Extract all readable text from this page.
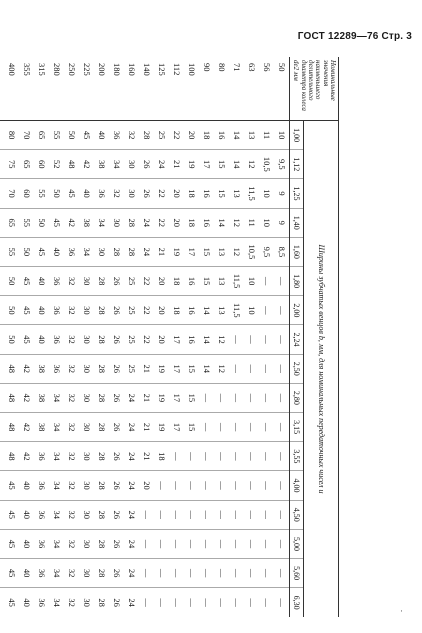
ГОСТ 12289—76 Стр. 3
Номинальные значения наименьшего делительного диаметра колеса dе2 мм	Ширины зубчатых венцов b, мм, для номинальных передаточных чисел u																
	1,00	1,12	1,25	1,40	1,60	1,80	2,00	2,24	2,50	2,80	3,15	3,55	4,00	4,50	5,00	5,60	6,30
50	10	9,5	9	9	8,5	—	—	—	—	—	—	—	—	—	—	—	—
56	11	10,5	10	10	9,5	—	—	—	—	—	—	—	—	—	—	—	—
63	13	12	11,5	11	10,5	10	10	—	—	—	—	—	—	—	—	—	—
71	14	14	13	12	12	11,5	11,5	—	—	—	—	—	—	—	—	—	—
80	16	15	15	14	13	13	13	12	12	—	—	—	—	—	—	—	—
90	18	17	16	16	15	15	14	14	14	—	—	—	—	—	—	—	—
100	20	19	18	18	17	16	16	16	15	15	15	—	—	—	—	—	—
112	22	21	20	20	19	18	18	17	17	17	17	—	—	—	—	—	—
125	25	24	22	22	21	20	20	20	19	19	19	18	—	—	—	—	—
140	28	26	26	24	24	22	22	22	21	21	21	21	20	—	—	—	—
160	32	30	30	28	28	25	25	25	25	24	24	24	24	24	24	24	24
180	36	34	32	30	28	26	26	26	26	26	26	26	26	26	26	26	26
200	40	38	36	34	30	28	28	28	28	28	28	28	28	28	28	28	28
225	45	42	40	38	34	30	30	30	30	30	30	30	30	30	30	30	30
250	50	48	45	42	36	32	32	32	32	32	32	32	32	32	32	32	32
280	55	52	50	45	40	36	36	36	36	34	34	34	34	34	34	34	34
315	65	60	55	50	45	40	40	40	38	38	38	36	36	36	36	36	36
355	70	65	60	55	50	45	45	45	42	42	42	42	40	40	40	40	40
400	80	75	70	65	55	50	50	50	48	48	48	48	45	45	45	45	45

·
